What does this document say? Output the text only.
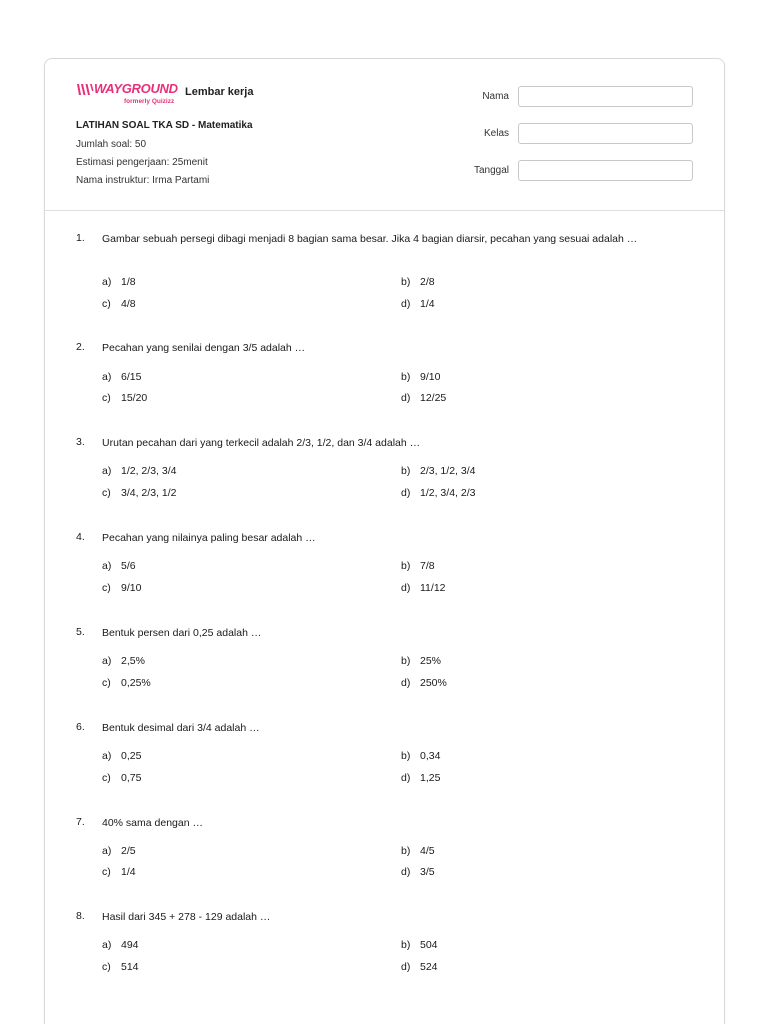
WAYGROUND
formerly Quizizz
Lembar kerja
LATIHAN SOAL TKA SD - Matematika
Jumlah soal: 50
Estimasi pengerjaan: 25menit
Nama instruktur: Irma Partami
Nama
Kelas
Tanggal
1. Gambar sebuah persegi dibagi menjadi 8 bagian sama besar. Jika 4 bagian diarsir, pecahan yang sesuai adalah …
a) 1/8	b) 2/8
c) 4/8	d) 1/4
2. Pecahan yang senilai dengan 3/5 adalah …
a) 6/15	b) 9/10
c) 15/20	d) 12/25
3. Urutan pecahan dari yang terkecil adalah 2/3, 1/2, dan 3/4 adalah …
a) 1/2, 2/3, 3/4	b) 2/3, 1/2, 3/4
c) 3/4, 2/3, 1/2	d) 1/2, 3/4, 2/3
4. Pecahan yang nilainya paling besar adalah …
a) 5/6	b) 7/8
c) 9/10	d) 11/12
5. Bentuk persen dari 0,25 adalah …
a) 2,5%	b) 25%
c) 0,25%	d) 250%
6. Bentuk desimal dari 3/4 adalah …
a) 0,25	b) 0,34
c) 0,75	d) 1,25
7. 40% sama dengan …
a) 2/5	b) 4/5
c) 1/4	d) 3/5
8. Hasil dari 345 + 278 - 129 adalah …
a) 494	b) 504
c) 514	d) 524
